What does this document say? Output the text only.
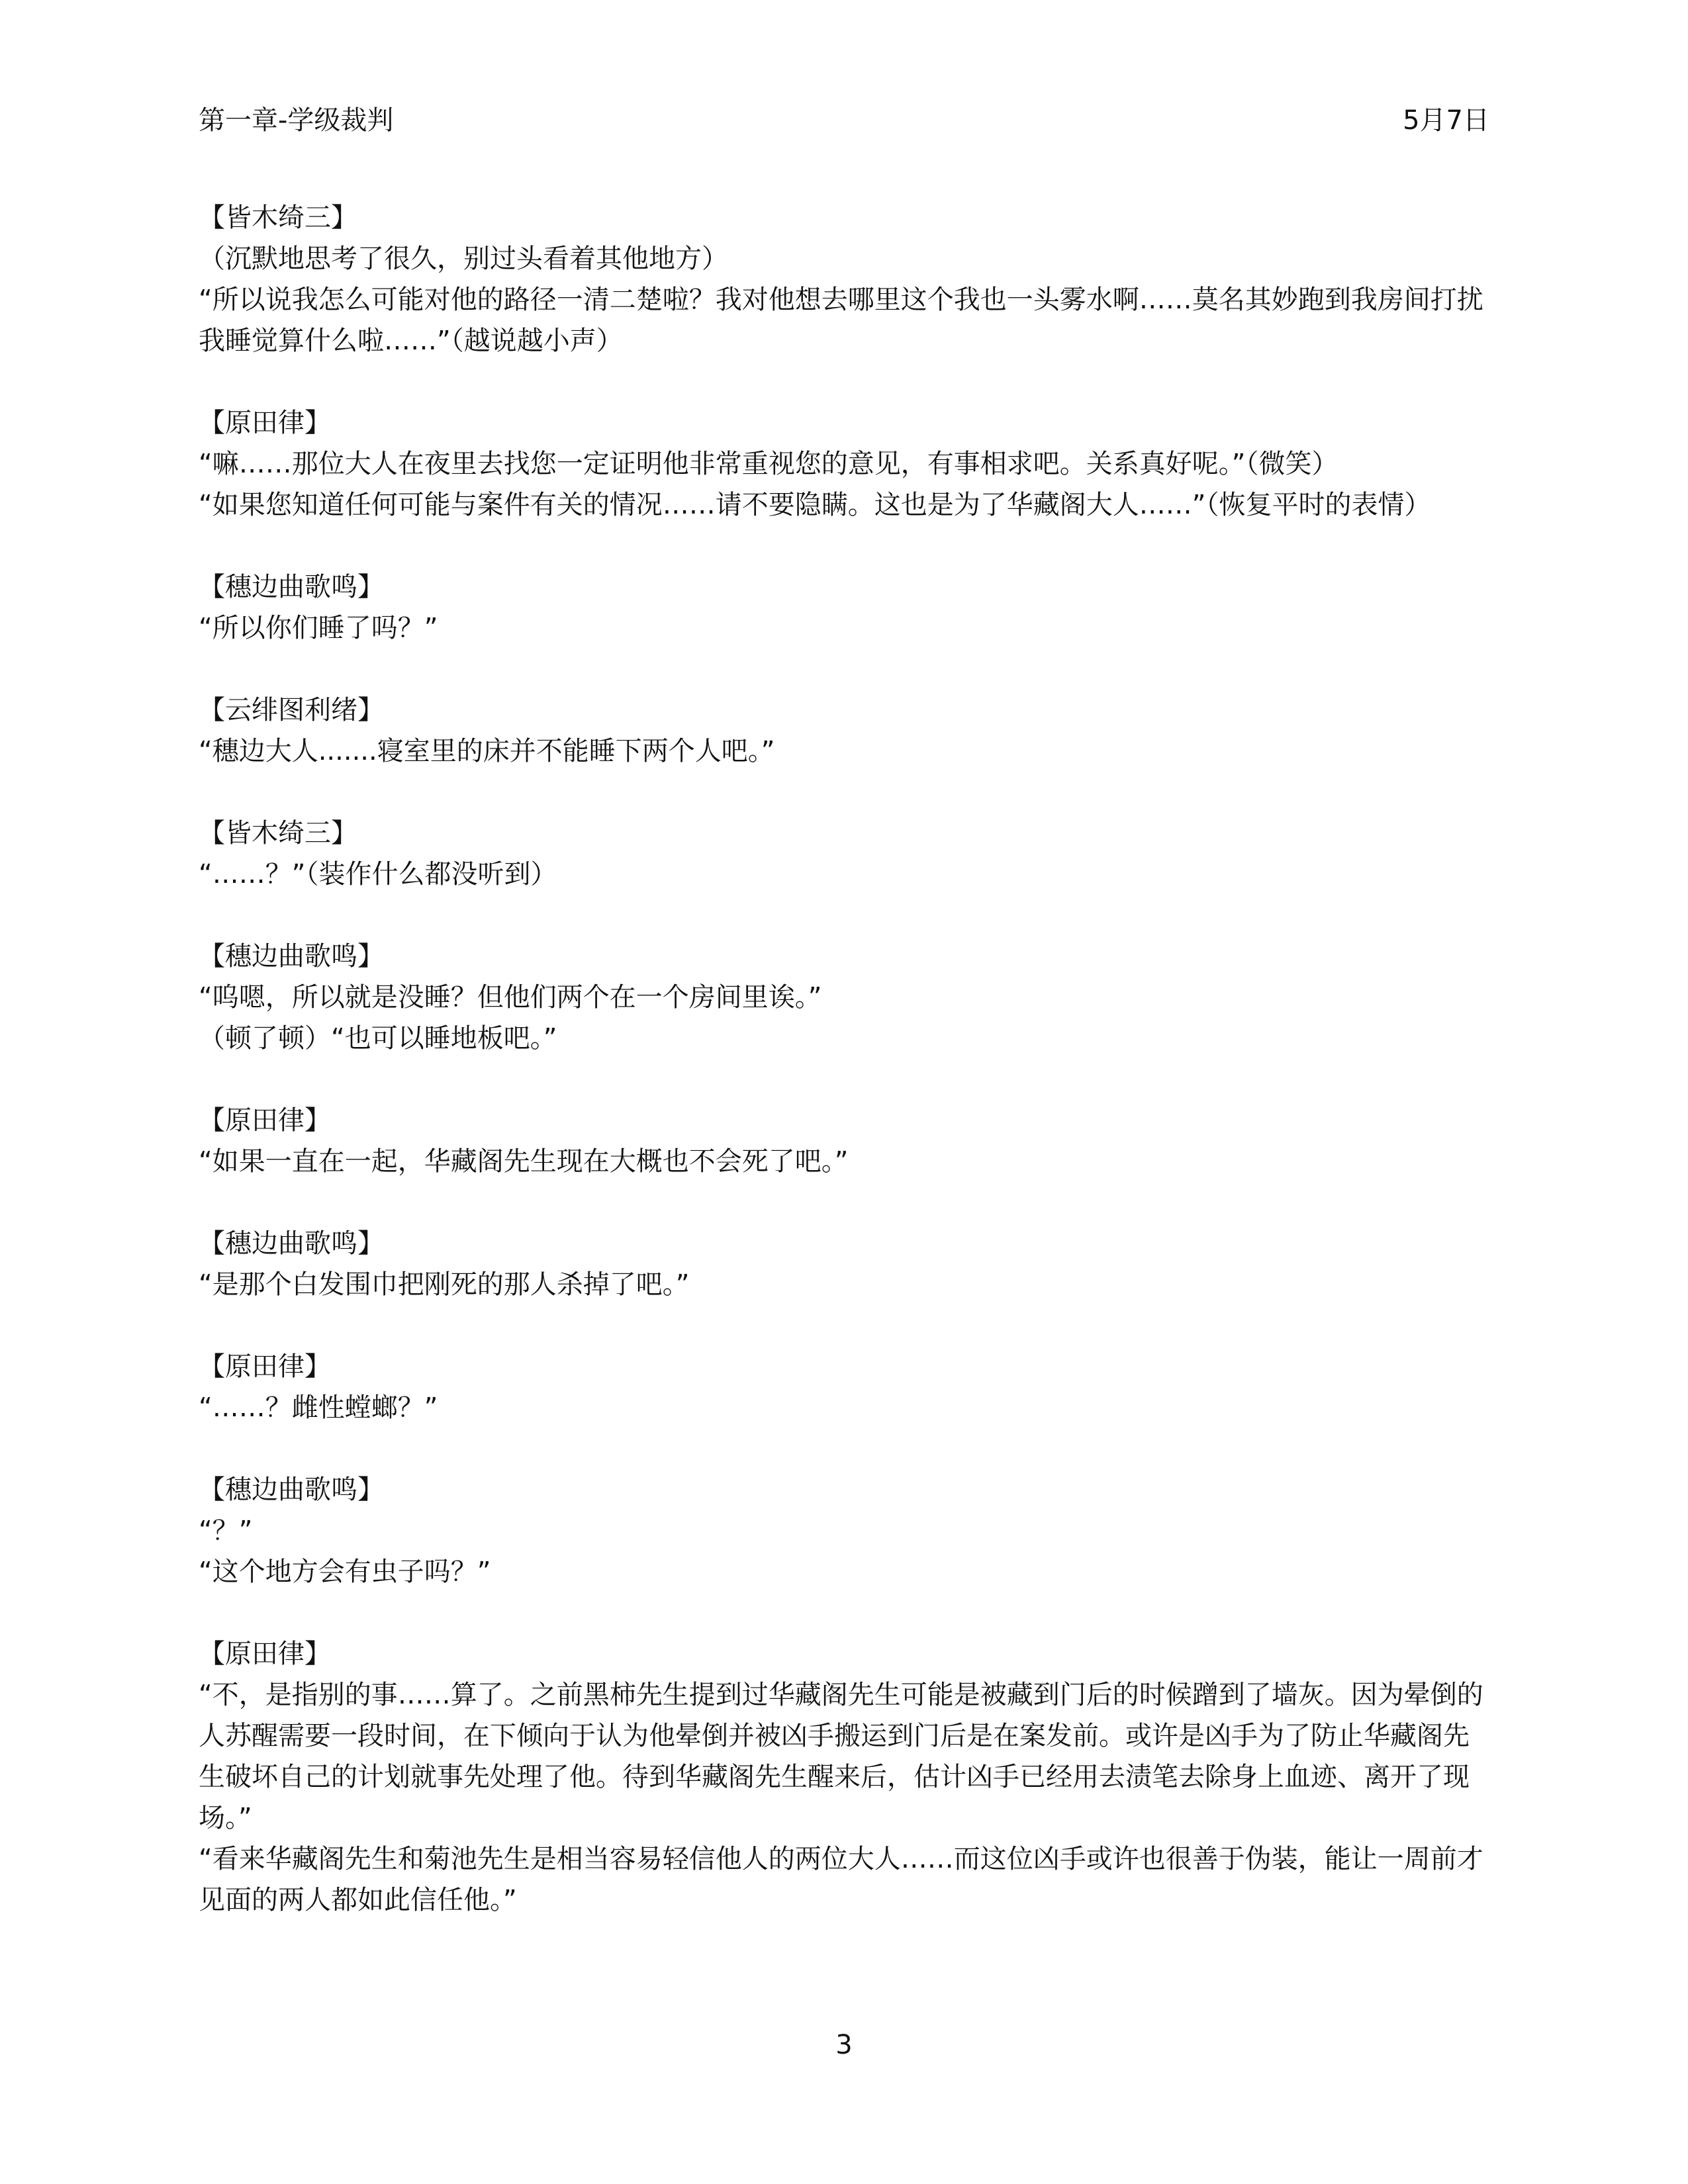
第一章-学级裁判	5月7日
【皆木绮三】
（沉默地思考了很久，别过头看着其他地方）
“所以说我怎么可能对他的路径一清二楚啦？我对他想去哪里这个我也一头雾水啊……莫名其妙跑到我房间打扰我睡觉算什么啦……”（越说越小声）
【原田律】
“嘛……那位大人在夜里去找您一定证明他非常重视您的意见，有事相求吧。关系真好呢。”（微笑）
“如果您知道任何可能与案件有关的情况……请不要隐瞒。这也是为了华藏阁大人……”（恢复平时的表情）
【穗边曲歌鸣】
“所以你们睡了吗？”
【云绯图利绪】
“穗边大人.......寝室里的床并不能睡下两个人吧。”
【皆木绮三】
“……？”（装作什么都没听到）
【穗边曲歌鸣】
“呜嗯，所以就是没睡？但他们两个在一个房间里诶。”
（顿了顿）“也可以睡地板吧。”
【原田律】
“如果一直在一起，华藏阁先生现在大概也不会死了吧。”
【穗边曲歌鸣】
“是那个白发围巾把刚死的那人杀掉了吧。”
【原田律】
“……？雌性螳螂？”
【穗边曲歌鸣】
“？”
“这个地方会有虫子吗？”
【原田律】
“不，是指别的事……算了。之前黑柿先生提到过华藏阁先生可能是被藏到门后的时候蹭到了墙灰。因为晕倒的人苏醒需要一段时间，在下倾向于认为他晕倒并被凶手搬运到门后是在案发前。或许是凶手为了防止华藏阁先生破坏自己的计划就事先处理了他。待到华藏阁先生醒来后，估计凶手已经用去渍笔去除身上血迹、离开了现场。”
“看来华藏阁先生和菊池先生是相当容易轻信他人的两位大人……而这位凶手或许也很善于伪装，能让一周前才见面的两人都如此信任他。”
3
